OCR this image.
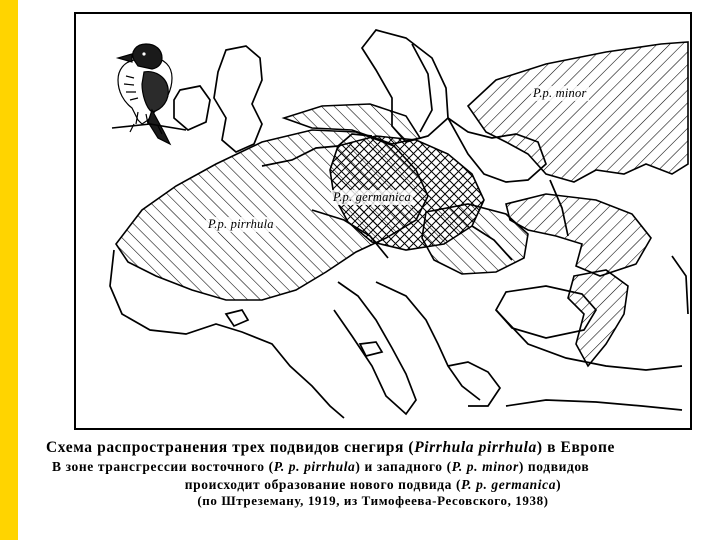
P.p. minor
P.p. germanica
P.p. pirrhula
Схема распространения трех подвидов снегиря (Pirrhula pirrhula) в Европе
В зоне трансгрессии восточного (P. p. pirrhula) и западного (P. p. minor) подвидов
происходит образование нового подвида (P. p. germanica)
(по Штреземану, 1919, из Тимофеева-Ресовского, 1938)
